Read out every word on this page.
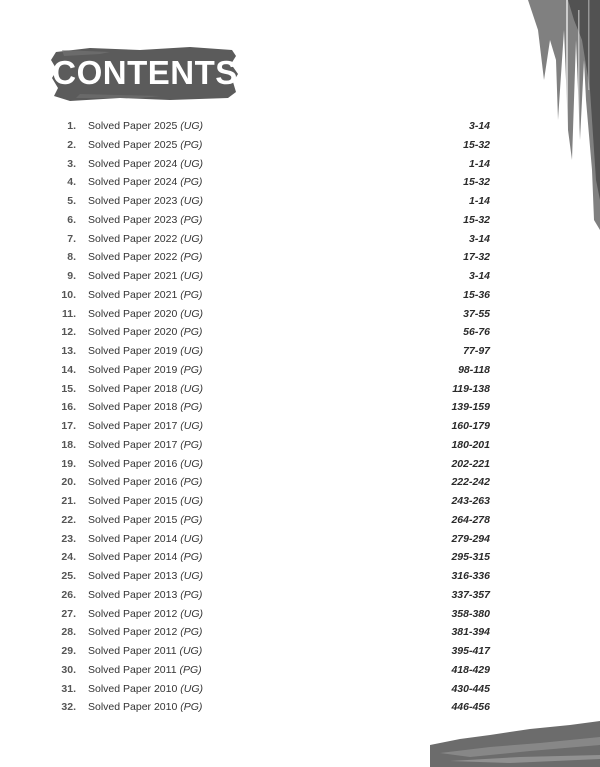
CONTENTS
1. Solved Paper 2025 (UG)	3-14
2. Solved Paper 2025 (PG)	15-32
3. Solved Paper 2024 (UG)	1-14
4. Solved Paper 2024 (PG)	15-32
5. Solved Paper 2023 (UG)	1-14
6. Solved Paper 2023 (PG)	15-32
7. Solved Paper 2022 (UG)	3-14
8. Solved Paper 2022 (PG)	17-32
9. Solved Paper 2021 (UG)	3-14
10. Solved Paper 2021 (PG)	15-36
11. Solved Paper 2020 (UG)	37-55
12. Solved Paper 2020 (PG)	56-76
13. Solved Paper 2019 (UG)	77-97
14. Solved Paper 2019 (PG)	98-118
15. Solved Paper 2018 (UG)	119-138
16. Solved Paper 2018 (PG)	139-159
17. Solved Paper 2017 (UG)	160-179
18. Solved Paper 2017 (PG)	180-201
19. Solved Paper 2016 (UG)	202-221
20. Solved Paper 2016 (PG)	222-242
21. Solved Paper 2015 (UG)	243-263
22. Solved Paper 2015 (PG)	264-278
23. Solved Paper 2014 (UG)	279-294
24. Solved Paper 2014 (PG)	295-315
25. Solved Paper 2013 (UG)	316-336
26. Solved Paper 2013 (PG)	337-357
27. Solved Paper 2012 (UG)	358-380
28. Solved Paper 2012 (PG)	381-394
29. Solved Paper 2011 (UG)	395-417
30. Solved Paper 2011 (PG)	418-429
31. Solved Paper 2010 (UG)	430-445
32. Solved Paper 2010 (PG)	446-456
